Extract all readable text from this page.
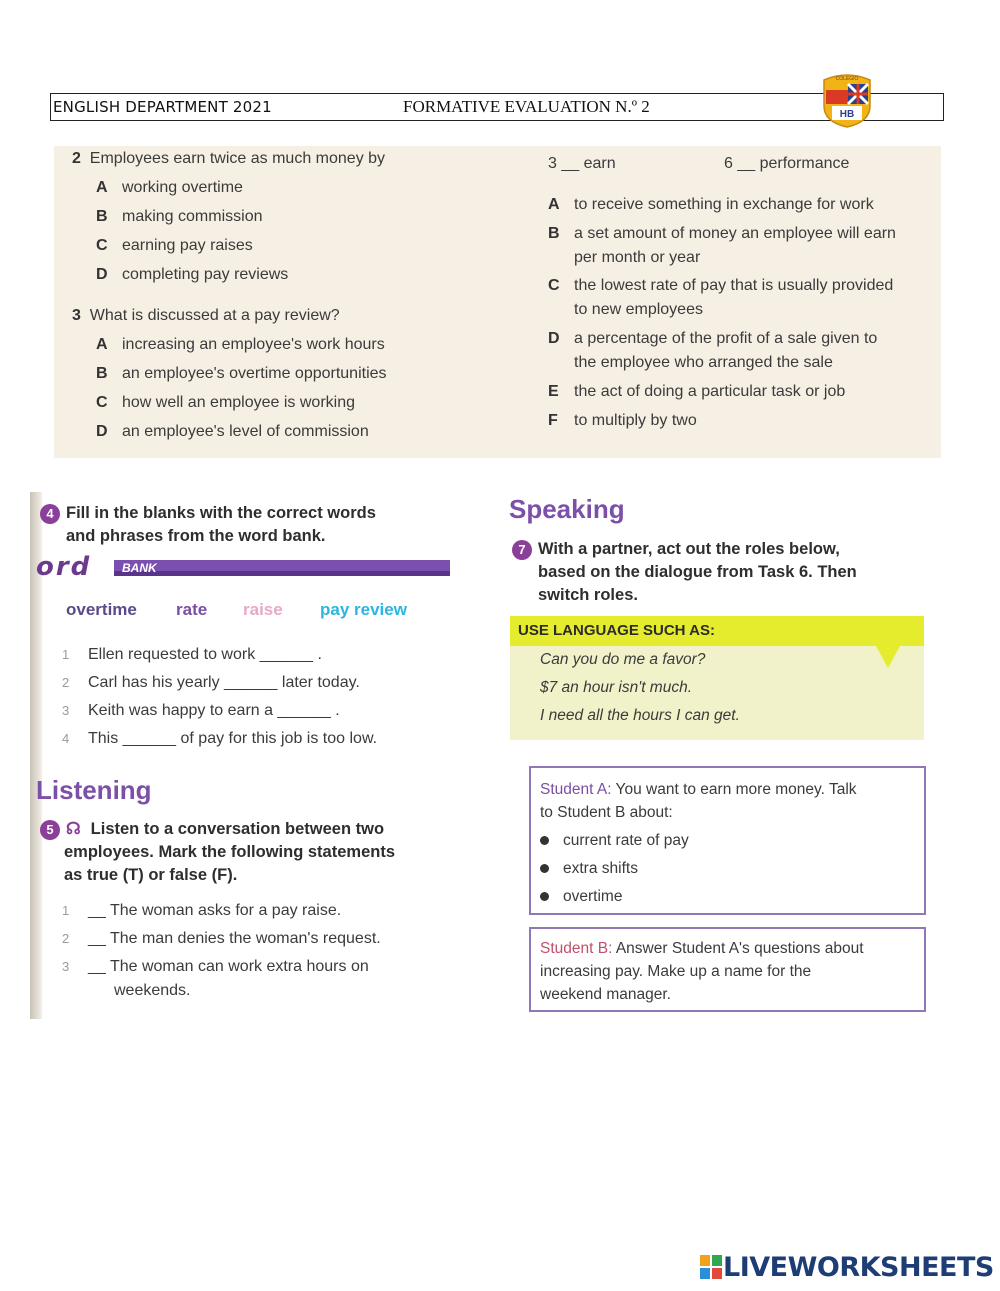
ENGLISH DEPARTMENT 2021	FORMATIVE EVALUATION N.º 2	HB
COLEGIO
2 Employees earn twice as much money by
A working overtime
B making commission
C earning pay raises
D completing pay reviews
3 What is discussed at a pay review?
A increasing an employee's work hours
B an employee's overtime opportunities
C how well an employee is working
D an employee's level of commission
3 __ earn	6 __ performance
A to receive something in exchange for work
B a set amount of money an employee will earn
per month or year
C the lowest rate of pay that is usually provided
to new employees
D a percentage of the profit of a sale given to
the employee who arranged the sale
E the act of doing a particular task or job
F to multiply by two
4 Fill in the blanks with the correct words
and phrases from the word bank.
ord	BANK
overtime rate raise pay review
1 Ellen requested to work ______ .
2 Carl has his yearly ______ later today.
3 Keith was happy to earn a ______ .
4 This ______ of pay for this job is too low.
Listening
5 ☊ Listen to a conversation between two
employees. Mark the following statements
as true (T) or false (F).
1 __ The woman asks for a pay raise.
2 __ The man denies the woman's request.
3 __ The woman can work extra hours on
weekends.
Speaking
7 With a partner, act out the roles below,
based on the dialogue from Task 6. Then
switch roles.
USE LANGUAGE SUCH AS:
Can you do me a favor?
$7 an hour isn't much.
I need all the hours I can get.
Student A: You want to earn more money. Talk
to Student B about:
current rate of pay
extra shifts
overtime
Student B: Answer Student A's questions about
increasing pay. Make up a name for the
weekend manager.
LIVEWORKSHEETS
